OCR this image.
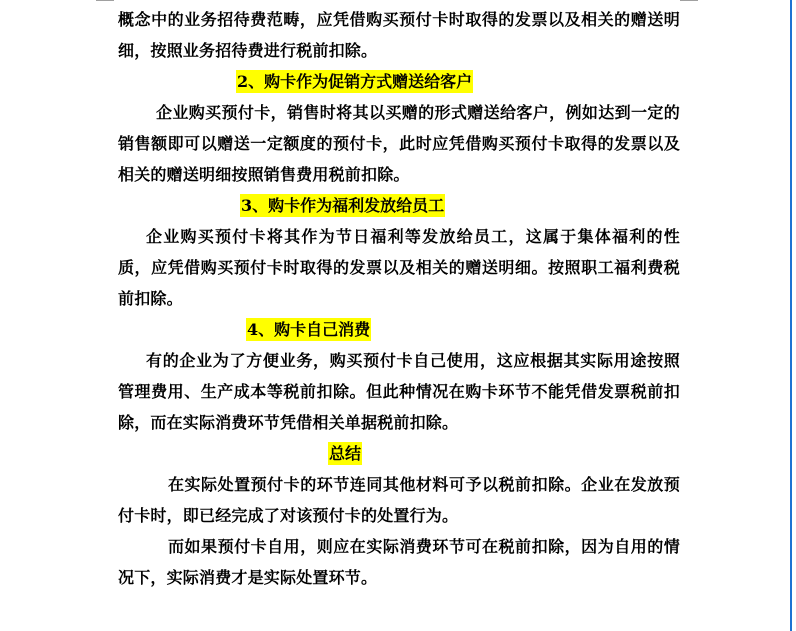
概念中的业务招待费范畴，应凭借购买预付卡时取得的发票以及相关的赠送明细，按照业务招待费进行税前扣除。

2、购卡作为促销方式赠送给客户

企业购买预付卡，销售时将其以买赠的形式赠送给客户，例如达到一定的销售额即可以赠送一定额度的预付卡，此时应凭借购买预付卡取得的发票以及相关的赠送明细按照销售费用税前扣除。

3、购卡作为福利发放给员工

企业购买预付卡将其作为节日福利等发放给员工，这属于集体福利的性质，应凭借购买预付卡时取得的发票以及相关的赠送明细。按照职工福利费税前扣除。

4、购卡自己消费

有的企业为了方便业务，购买预付卡自己使用，这应根据其实际用途按照管理费用、生产成本等税前扣除。但此种情况在购卡环节不能凭借发票税前扣除，而在实际消费环节凭借相关单据税前扣除。

总结

在实际处置预付卡的环节连同其他材料可予以税前扣除。企业在发放预付卡时，即已经完成了对该预付卡的处置行为。

而如果预付卡自用，则应在实际消费环节可在税前扣除，因为自用的情况下，实际消费才是实际处置环节。
